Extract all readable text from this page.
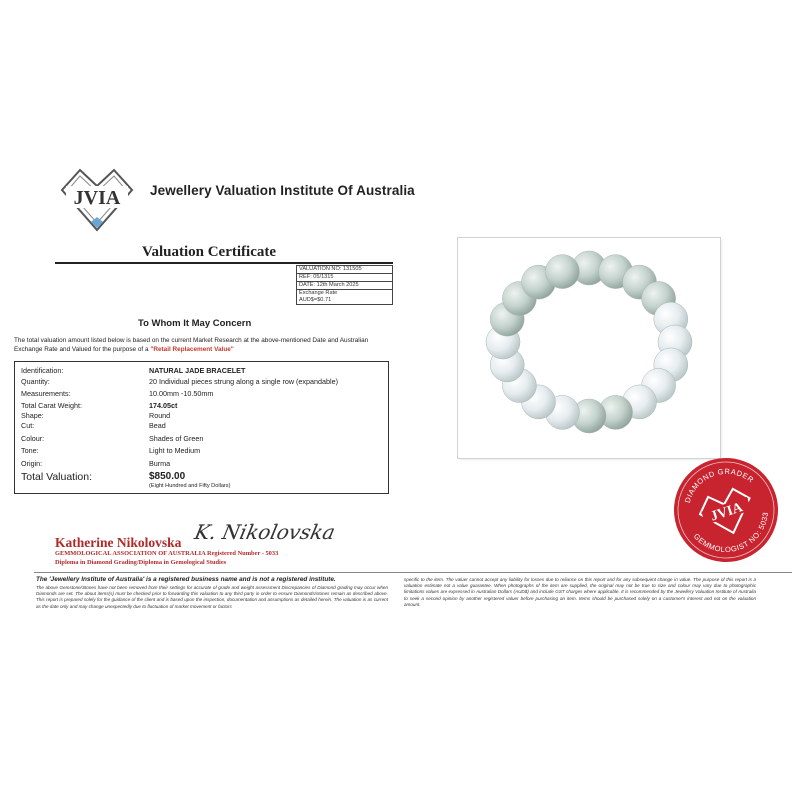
JVIA Jewellery Valuation Institute Of Australia
Valuation Certificate
VALUATION NO: 131505
REF: 05/1315
DATE: 12th March 2025
Exchange Rate
AUD$=$0.71
To Whom It May Concern
The total valuation amount listed below is based on the current Market Research at the above-mentioned Date and Australian Exchange Rate and Valued for the purpose of a "Retail Replacement Value"
Identification:	NATURAL JADE BRACELET
Quantity:	20 Individual pieces strung along a single row (expandable)
Measurements:	10.00mm -10.50mm
Total Carat Weight:	174.05ct
Shape:	Round
Cut:	Bead
Colour:	Shades of Green
Tone:	Light to Medium
Origin:	Burma
Total Valuation:	$850.00
(Eight Hundred and Fifty Dollars)
Katherine Nikolovska K. Nikolovska
GEMMOLOGICAL ASSOCIATION OF AUSTRALIA Registered Number - 5033
Diploma in Diamond Grading/Diploma in Gemological Studies
DIAMOND GRADER
GEMMOLOGIST NO: 5033
JVIA
The 'Jewellery Institute of Australia' is a registered business name and is not a registered institute.
The above Gemstone/Stones have not been removed from their settings for accurate of grade and weight assessment Discrepancies of Diamond grading may occur when Diamonds are set. The about items(s) must be checked prior to forwarding this valuation to any third party in order to ensure Diamonds/stones remain as described above. This report is prepared solely for the guidance of the client and is based upon the inspection, documentation and assumptions as detailed herein. The valuation is as current as the date only and may change unexpectedly due to fluctuation of market movement or factors
specific to the item. The valuer cannot accept any liability for losses due to reliance on this report and for any subsequent change in value. The purpose of this report is a valuation estimate not a value guarantee. When photographs of the item are supplied, the original may not be true to size and colour may vary due to photographic limitations values are expressed in Australian Dollars (AUD$) and include GST charges where applicable. It is recommended by the Jewellery Valuation Institute of Australia to seek a second opinion by another registered valuer before purchasing an item. Items should be purchased solely on a customer's interest and not on the valuation amount.
